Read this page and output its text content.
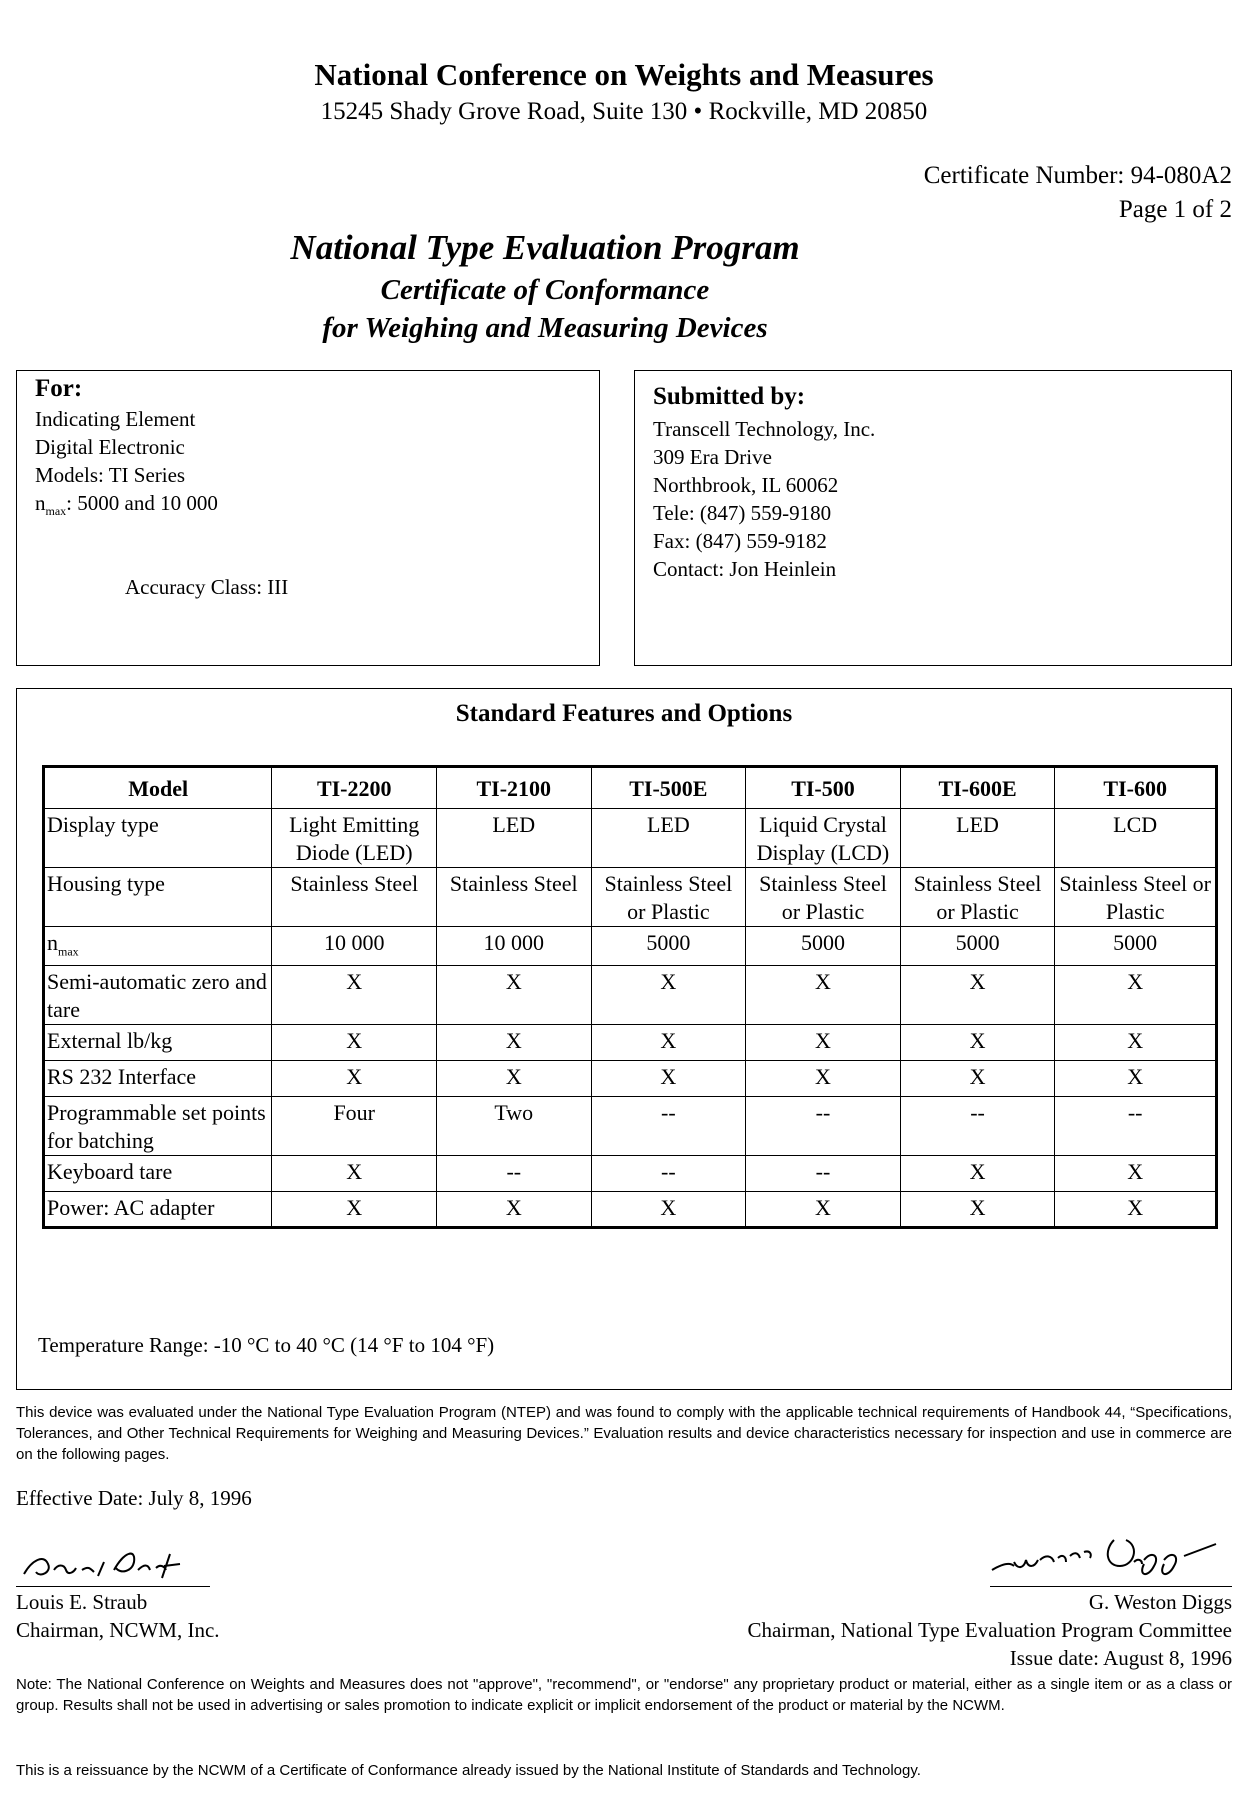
National Conference on Weights and Measures
15245 Shady Grove Road, Suite 130 • Rockville, MD 20850
Certificate Number: 94-080A2
Page 1 of 2
National Type Evaluation Program
Certificate of Conformance
for Weighing and Measuring Devices
For:
Indicating Element
Digital Electronic
Models: TI Series
$n_{max}$: 5000 and 10 000
Accuracy Class: III
Submitted by:
Transcell Technology, Inc.
309 Era Drive
Northbrook, IL 60062
Tele: (847) 559-9180
Fax: (847) 559-9182
Contact: Jon Heinlein
Standard Features and Options
Model	TI-2200	TI-2100	TI-500E	TI-500	TI-600E	TI-600
Display type	Light Emitting Diode (LED)	LED	LED	Liquid Crystal Display (LCD)	LED	LCD
Housing type	Stainless Steel	Stainless Steel	Stainless Steel or Plastic	Stainless Steel or Plastic	Stainless Steel or Plastic	Stainless Steel or Plastic
$n_{max}$	10 000	10 000	5000	5000	5000	5000
Semi-automatic zero and tare	X	X	X	X	X	X
External lb/kg	X	X	X	X	X	X
RS 232 Interface	X	X	X	X	X	X
Programmable set points for batching	Four	Two	--	--	--	--
Keyboard tare	X	--	--	--	X	X
Power: AC adapter	X	X	X	X	X	X
Temperature Range: -10 °C to 40 °C (14 °F to 104 °F)
This device was evaluated under the National Type Evaluation Program (NTEP) and was found to comply with the applicable technical requirements of Handbook 44, “Specifications, Tolerances, and Other Technical Requirements for Weighing and Measuring Devices.” Evaluation results and device characteristics necessary for inspection and use in commerce are on the following pages.
Effective Date: July 8, 1996
Louis E. Straub
Chairman, NCWM, Inc.
G. Weston Diggs
Chairman, National Type Evaluation Program Committee
Issue date: August 8, 1996
Note: The National Conference on Weights and Measures does not "approve", "recommend", or "endorse" any proprietary product or material, either as a single item or as a class or group. Results shall not be used in advertising or sales promotion to indicate explicit or implicit endorsement of the product or material by the NCWM.
This is a reissuance by the NCWM of a Certificate of Conformance already issued by the National Institute of Standards and Technology.
